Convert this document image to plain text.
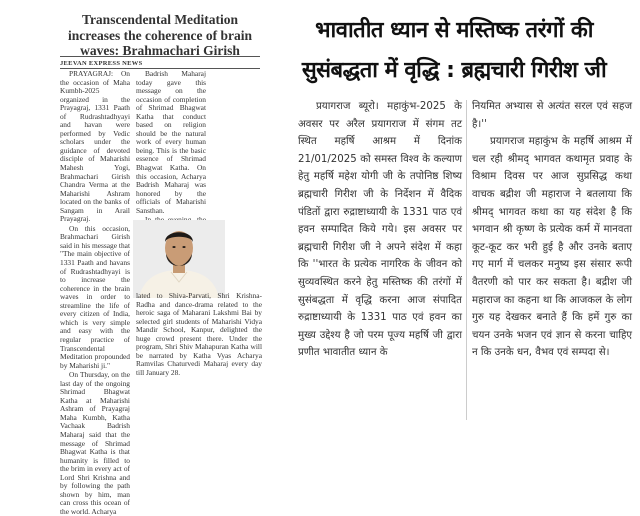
Transcendental Meditation increases the coherence of brain waves: Brahmachari Girish
JEEVAN EXPRESS NEWS

PRAYAGRAJ: On the occasion of Maha Kumbh-2025 organized in the Prayagraj, 1331 Paath of Rudrashtadhyayi and havan were performed by Vedic scholars under the guidance of devoted disciple of Maharishi Mahesh Yogi, Brahmachari Girish Chandra Verma at the Maharishi Ashram located on the banks of Sangam in Arail Prayagraj.

On this occasion, Brahmachari Girish said in his message that "The main objective of 1331 Paath and havans of Rudrashtadhyayi is to increase the coherence in the brain waves in order to streamline the life of every citizen of India, which is very simple and easy with the regular practice of Transcendental Meditation propounded by Maharishi ji."

On Thursday, on the last day of the ongoing Shrimad Bhagwat Katha at Maharishi Ashram of Prayagraj Maha Kumbh, Katha Vachaak Badrish Maharaj said that the message of Shrimad Bhagwat Katha is that humanity is filled to the brim in every act of Lord Shri Krishna and by following the path shown by him, man can cross this ocean of the world. Acharya

Badrish Maharaj today gave this message on the occasion of completion of Shrimad Bhagwat Katha that conduct based on religion should be the natural work of every human being. This is the basic essence of Shrimad Bhagwat Katha. On this occasion, Acharya Badrish Maharaj was honored by the officials of Maharishi Sansthan.

lated to Shiva-Parvati, Shri Krishna-Radha and dance-drama related to the heroic saga of Maharani Lakshmi Bai by selected girl students of Maharishi Vidya Mandir School, Kanpur, delighted the huge crowd present there. Under the program, Shri Shiv Mahapuran Katha will be narrated by Katha Vyas Acharya Ramvilas Chaturvedi Maharaj every day till January 28.

भावातीत ध्यान से मस्तिष्क तरंगों की
सुसंबद्धता में वृद्धि : ब्रह्मचारी गिरीश जी

प्रयागराज ब्यूरो। महाकुंभ-2025 के अवसर पर अरैल प्रयागराज में संगम तट स्थित महर्षि आश्रम में दिनांक 21/01/2025 को समस्त विश्व के कल्याण हेतु महर्षि महेश योगी जी के तपोनिष्ठ शिष्य ब्रह्मचारी गिरीश जी के निर्देशन में वैदिक पंडितों द्वारा रुद्राष्टाध्यायी के 1331 पाठ एवं हवन सम्पादित किये गये। इस अवसर पर ब्रह्मचारी गिरीश जी ने अपने संदेश में कहा कि ''भारत के प्रत्येक नागरिक के जीवन को सुव्यवस्थित करने हेतु मस्तिष्क की तरंगों में सुसंबद्धता में वृद्धि करना आज संपादित रुद्राष्टाध्यायी के 1331 पाठ एवं हवन का मुख्य उद्देश्य है जो परम पूज्य महर्षि जी द्वारा प्रणीत भावातीत ध्यान के

नियमित अभ्यास से अत्यंत सरल एवं सहज है।''

प्रयागराज महाकुंभ के महर्षि आश्रम में चल रही श्रीमद् भागवत कथामृत प्रवाह के विश्राम दिवस पर आज सुप्रसिद्ध कथा वाचक बद्रीश जी महाराज ने बतलाया कि श्रीमद् भागवत कथा का यह संदेश है कि भगवान श्री कृष्ण के प्रत्येक कर्म में मानवता कूट-कूट कर भरी हुई है और उनके बताए गए मार्ग में चलकर मनुष्य इस संसार रूपी वैतरणी को पार कर सकता है। बद्रीश जी महाराज का कहना था कि आजकल के लोग गुरु यह देखकर बनाते हैं कि हमें गुरु का चयन उनके भजन एवं ज्ञान से करना चाहिए न कि उनके धन, वैभव एवं सम्पदा से।
